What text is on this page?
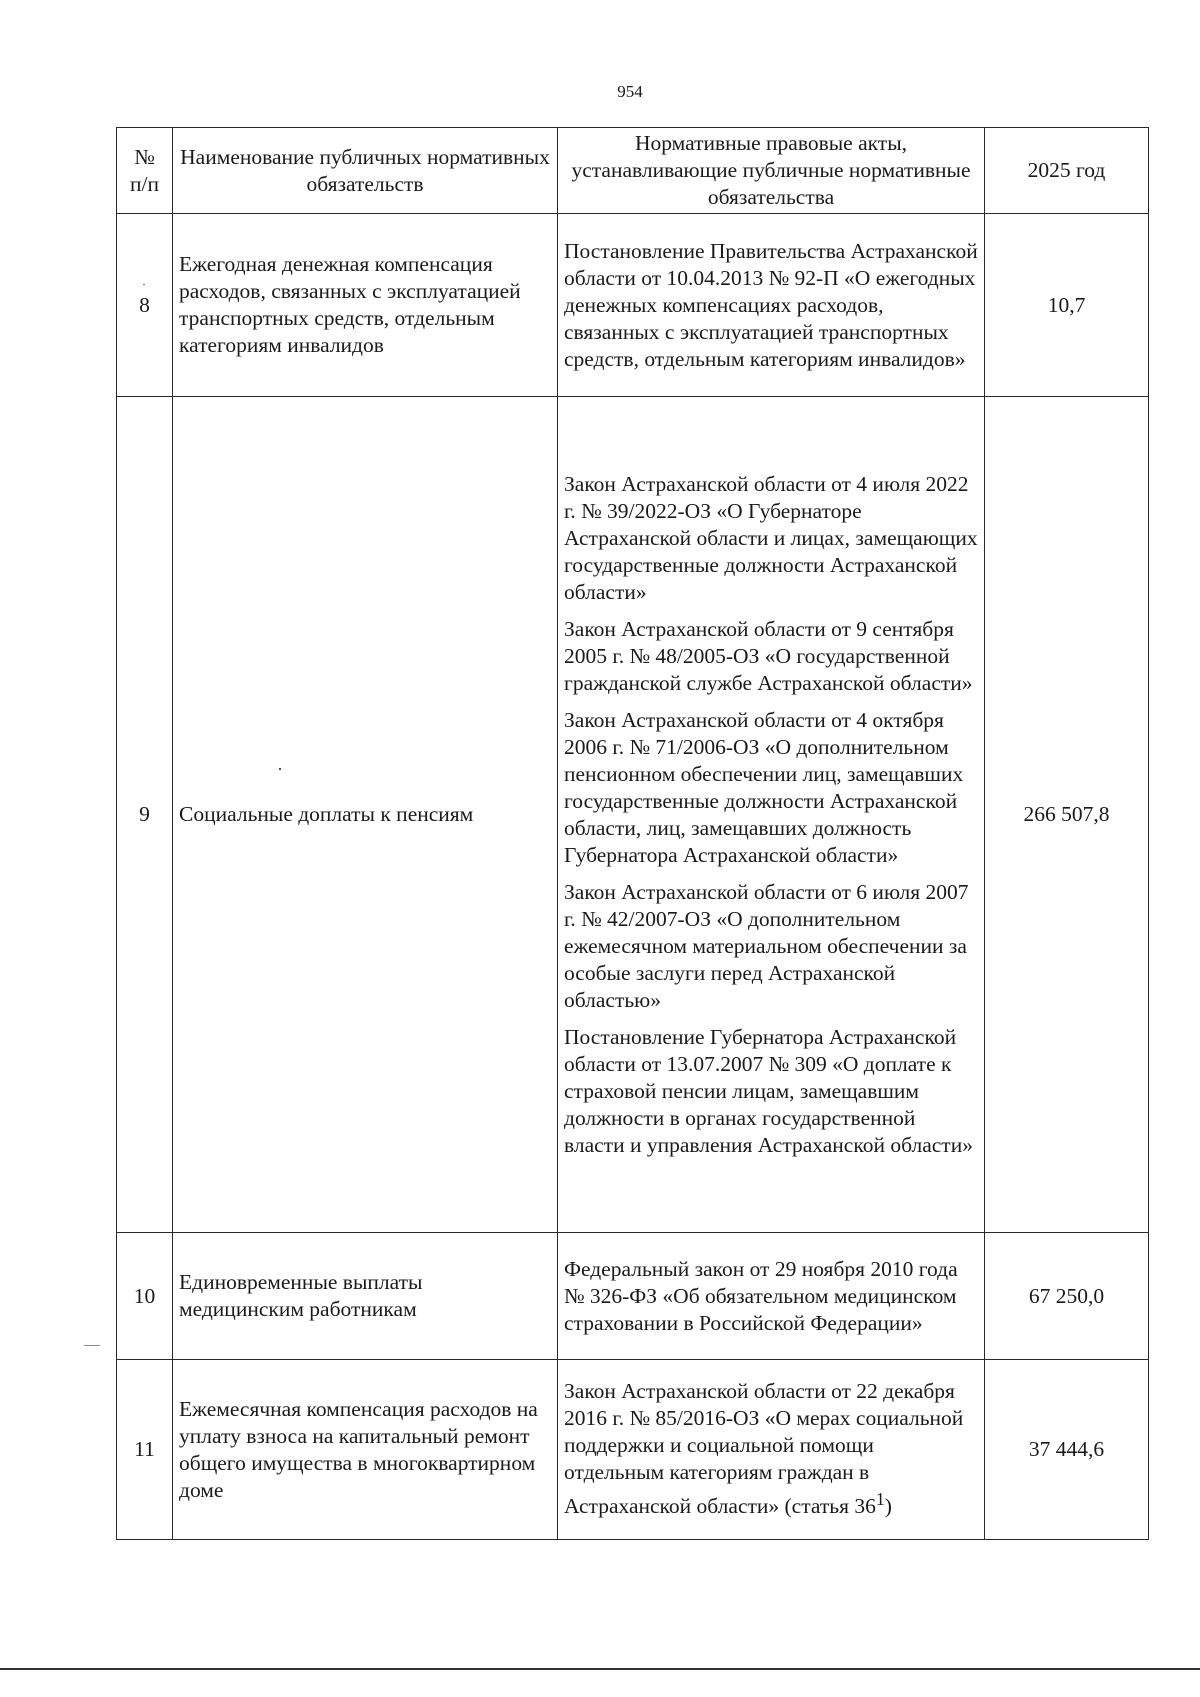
954
№ п/п	Наименование публичных нормативных обязательств	Нормативные правовые акты, устанавливающие публичные нормативные обязательства	2025 год
8	Ежегодная денежная компенсация расходов, связанных с эксплуатацией транспортных средств, отдельным категориям инвалидов	Постановление Правительства Астраханской области от 10.04.2013 № 92-П «О ежегодных денежных компенсациях расходов, связанных с эксплуатацией транспортных средств, отдельным категориям инвалидов»	10,7
9	Социальные доплаты к пенсиям	Закон Астраханской области от 4 июля 2022 г. № 39/2022-ОЗ «О Губернаторе Астраханской области и лицах, замещающих государственные должности Астраханской области»
Закон Астраханской области от 9 сентября 2005 г. № 48/2005-ОЗ «О государственной гражданской службе Астраханской области»
Закон Астраханской области от 4 октября 2006 г. № 71/2006-ОЗ «О дополнительном пенсионном обеспечении лиц, замещавших государственные должности Астраханской области, лиц, замещавших должность Губернатора Астраханской области»
Закон Астраханской области от 6 июля 2007 г. № 42/2007-ОЗ «О дополнительном ежемесячном материальном обеспечении за особые заслуги перед Астраханской областью»
Постановление Губернатора Астраханской области от 13.07.2007 № 309 «О доплате к страховой пенсии лицам, замещавшим должности в органах государственной власти и управления Астраханской области»	266 507,8
10	Единовременные выплаты медицинским работникам	Федеральный закон от 29 ноября 2010 года № 326-ФЗ «Об обязательном медицинском страховании в Российской Федерации»	67 250,0
11	Ежемесячная компенсация расходов на уплату взноса на капитальный ремонт общего имущества в многоквартирном доме	Закон Астраханской области от 22 декабря 2016 г. № 85/2016-ОЗ «О мерах социальной поддержки и социальной помощи отдельным категориям граждан в Астраханской области» (статья $36^1$)	37 444,6
·
